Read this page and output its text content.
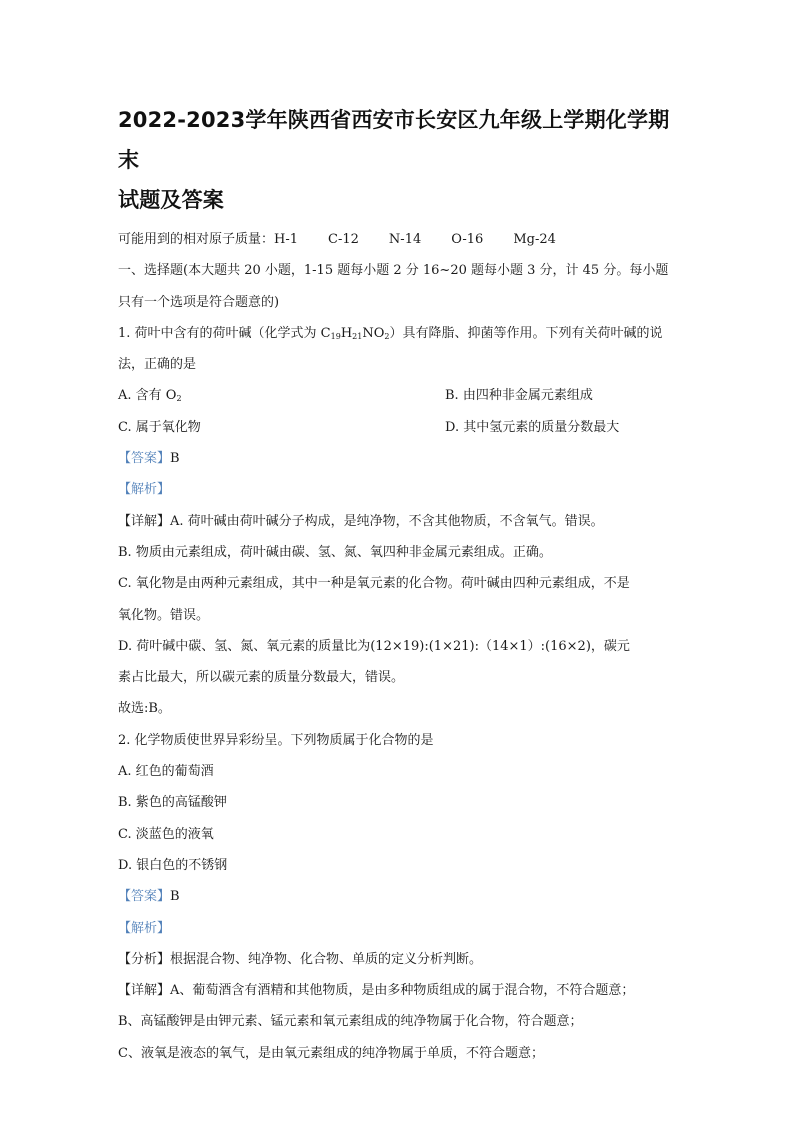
2022-2023学年陕西省西安市长安区九年级上学期化学期末
试题及答案
可能用到的相对原子质量：H-1 C-12 N-14 O-16 Mg-24
一、选择题(本大题共 20 小题，1-15 题每小题 2 分 16~20 题每小题 3 分，计 45 分。每小题
只有一个选项是符合题意的)
1. 荷叶中含有的荷叶碱（化学式为 $C_{19}H_{21}NO_2$）具有降脂、抑菌等作用。下列有关荷叶碱的说
法，正确的是
A. 含有 $O_2$	B. 由四种非金属元素组成
C. 属于氧化物	D. 其中氢元素的质量分数最大
【答案】B
【解析】
【详解】A. 荷叶碱由荷叶碱分子构成，是纯净物，不含其他物质，不含氧气。错误。
B. 物质由元素组成，荷叶碱由碳、氢、氮、氧四种非金属元素组成。正确。
C. 氧化物是由两种元素组成，其中一种是氧元素的化合物。荷叶碱由四种元素组成，不是
氧化物。错误。
D. 荷叶碱中碳、氢、氮、氧元素的质量比为(12×19):(1×21):（14×1）:(16×2)，碳元
素占比最大，所以碳元素的质量分数最大，错误。
故选:B。
2. 化学物质使世界异彩纷呈。下列物质属于化合物的是
A. 红色的葡萄酒
B. 紫色的高锰酸钾
C. 淡蓝色的液氧
D. 银白色的不锈钢
【答案】B
【解析】
【分析】根据混合物、纯净物、化合物、单质的定义分析判断。
【详解】A、葡萄酒含有酒精和其他物质，是由多种物质组成的属于混合物，不符合题意；
B、高锰酸钾是由钾元素、锰元素和氧元素组成的纯净物属于化合物，符合题意；
C、液氧是液态的氧气，是由氧元素组成的纯净物属于单质，不符合题意；
